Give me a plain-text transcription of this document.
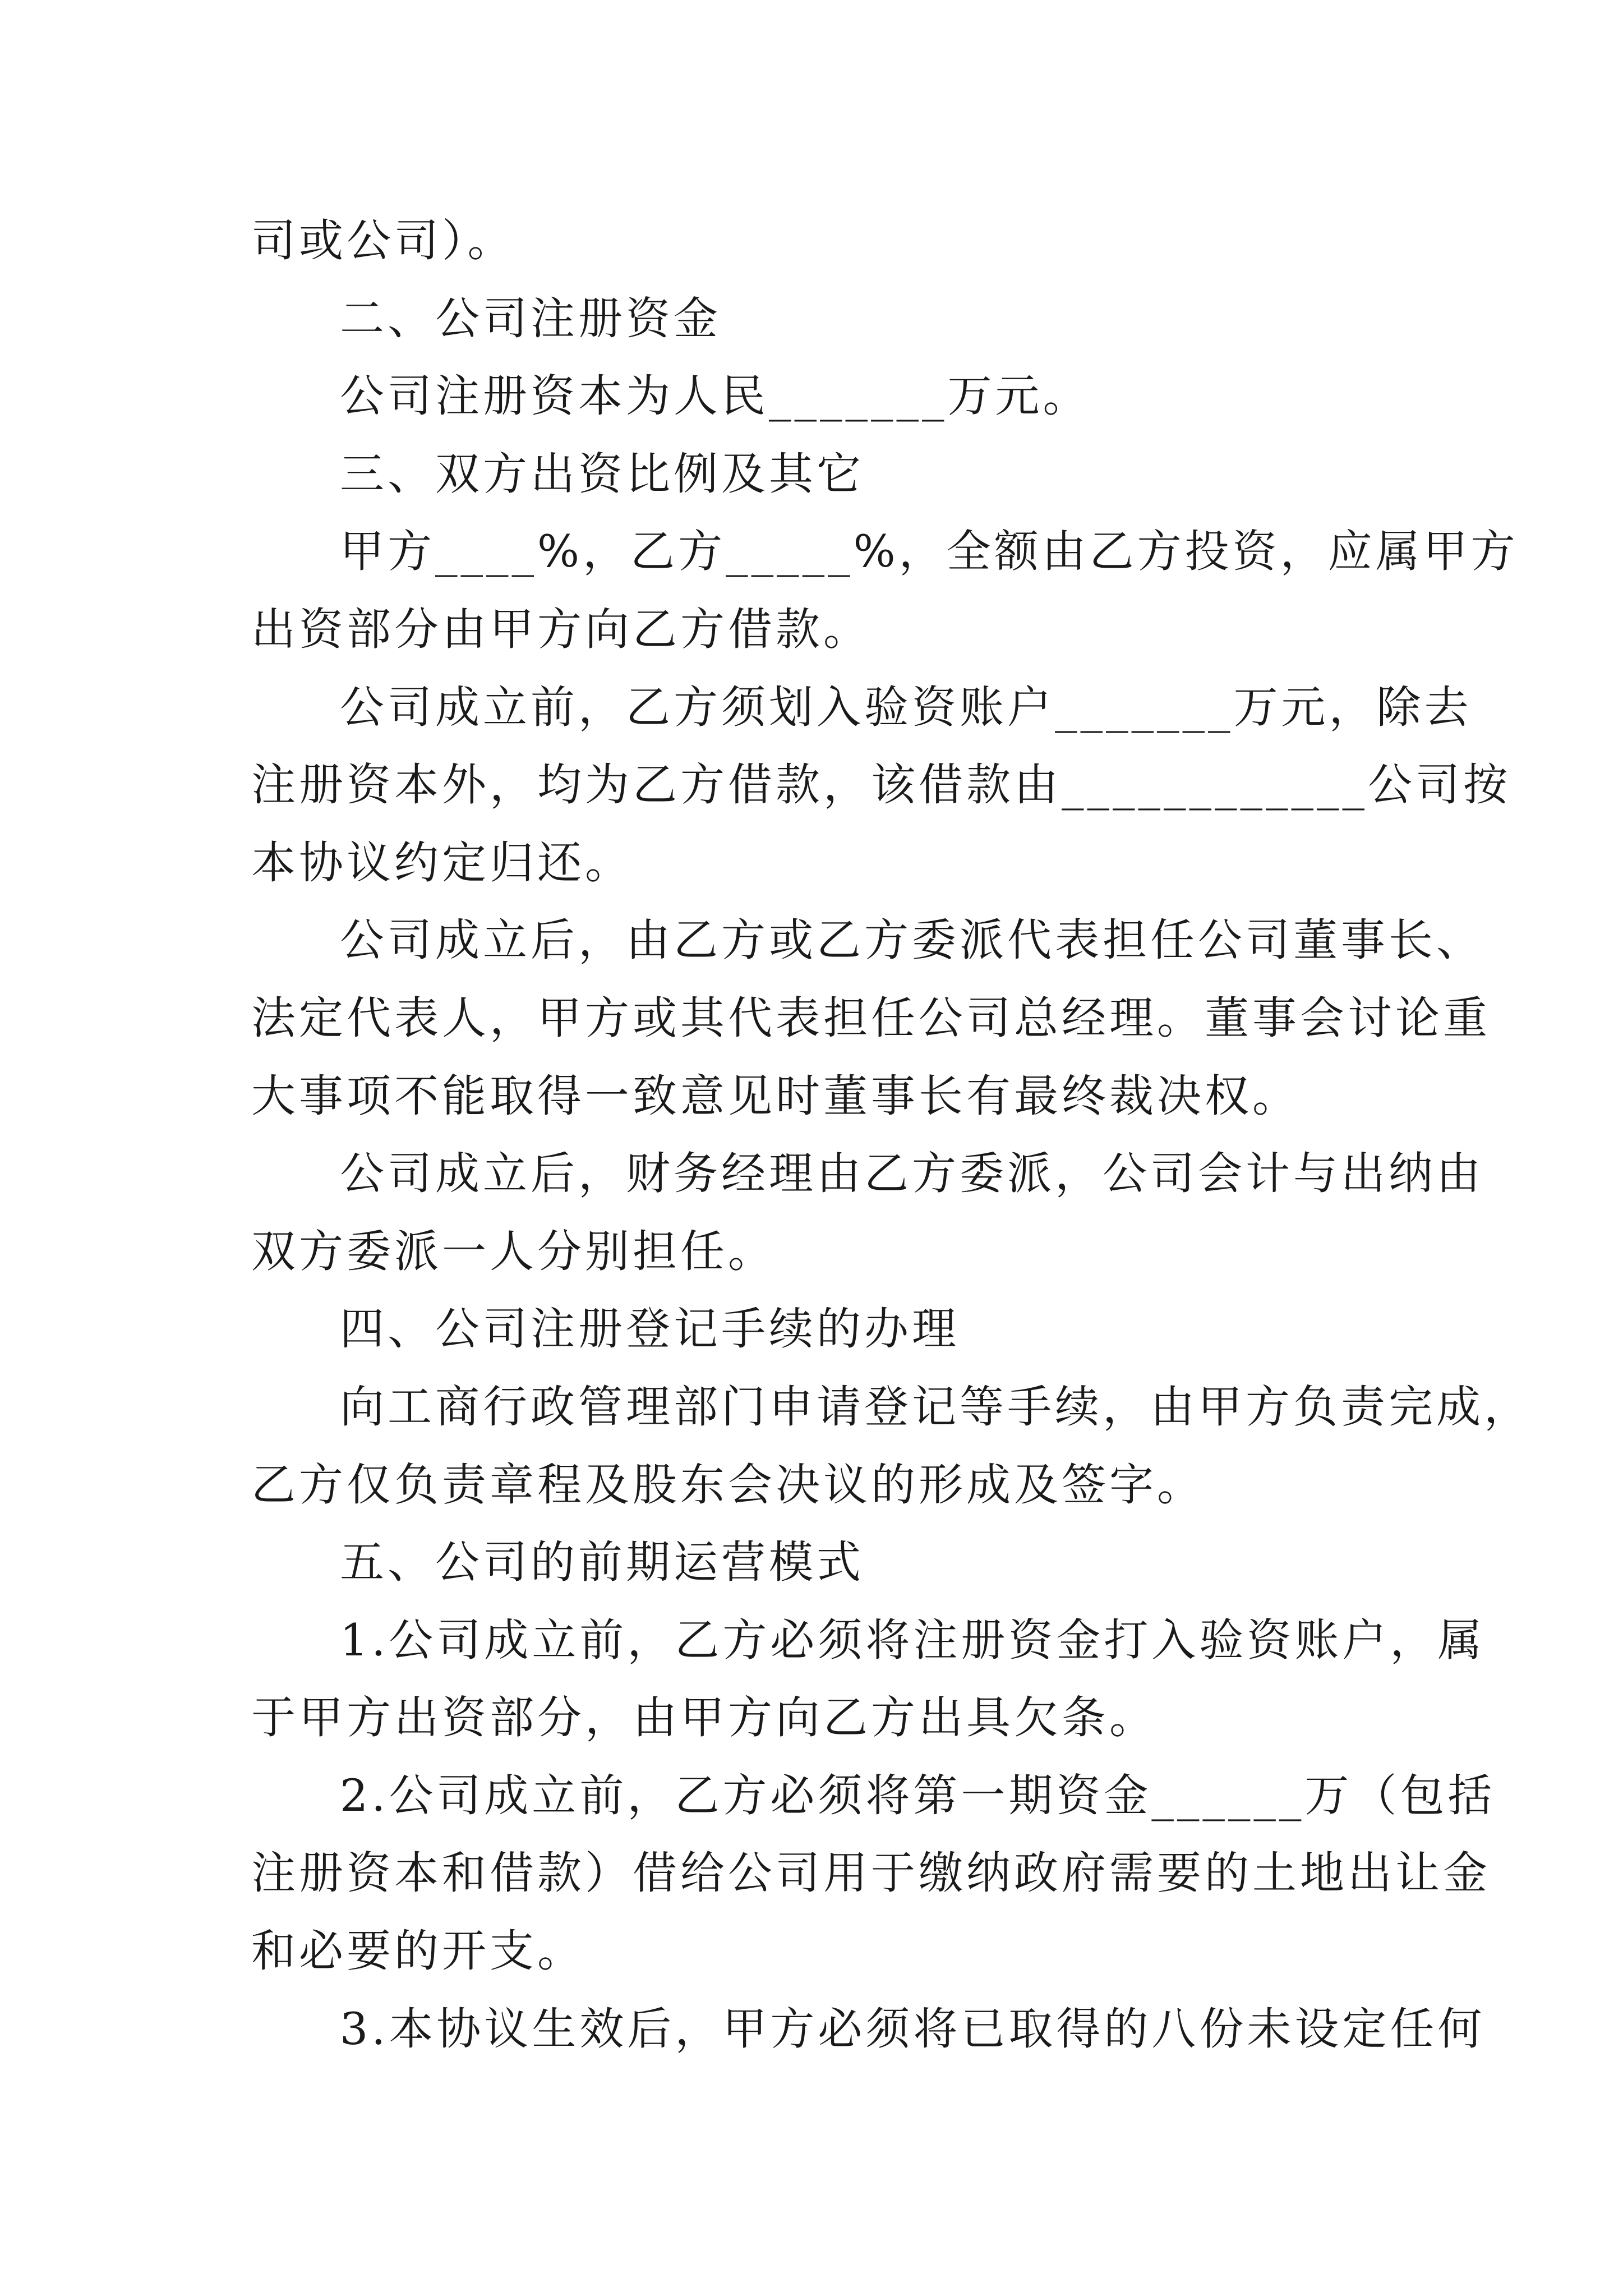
司或公司）。
二、公司注册资金
公司注册资本为人民_______万元。
三、双方出资比例及其它
甲方____%，乙方_____%，全额由乙方投资，应属甲方
出资部分由甲方向乙方借款。
公司成立前，乙方须划入验资账户_______万元，除去
注册资本外，均为乙方借款，该借款由____________公司按
本协议约定归还。
公司成立后，由乙方或乙方委派代表担任公司董事长、
法定代表人，甲方或其代表担任公司总经理。董事会讨论重
大事项不能取得一致意见时董事长有最终裁决权。
公司成立后，财务经理由乙方委派，公司会计与出纳由
双方委派一人分别担任。
四、公司注册登记手续的办理
向工商行政管理部门申请登记等手续，由甲方负责完成，
乙方仅负责章程及股东会决议的形成及签字。
五、公司的前期运营模式
1.公司成立前，乙方必须将注册资金打入验资账户，属
于甲方出资部分，由甲方向乙方出具欠条。
2.公司成立前，乙方必须将第一期资金______万（包括
注册资本和借款）借给公司用于缴纳政府需要的土地出让金
和必要的开支。
3.本协议生效后，甲方必须将已取得的八份未设定任何
